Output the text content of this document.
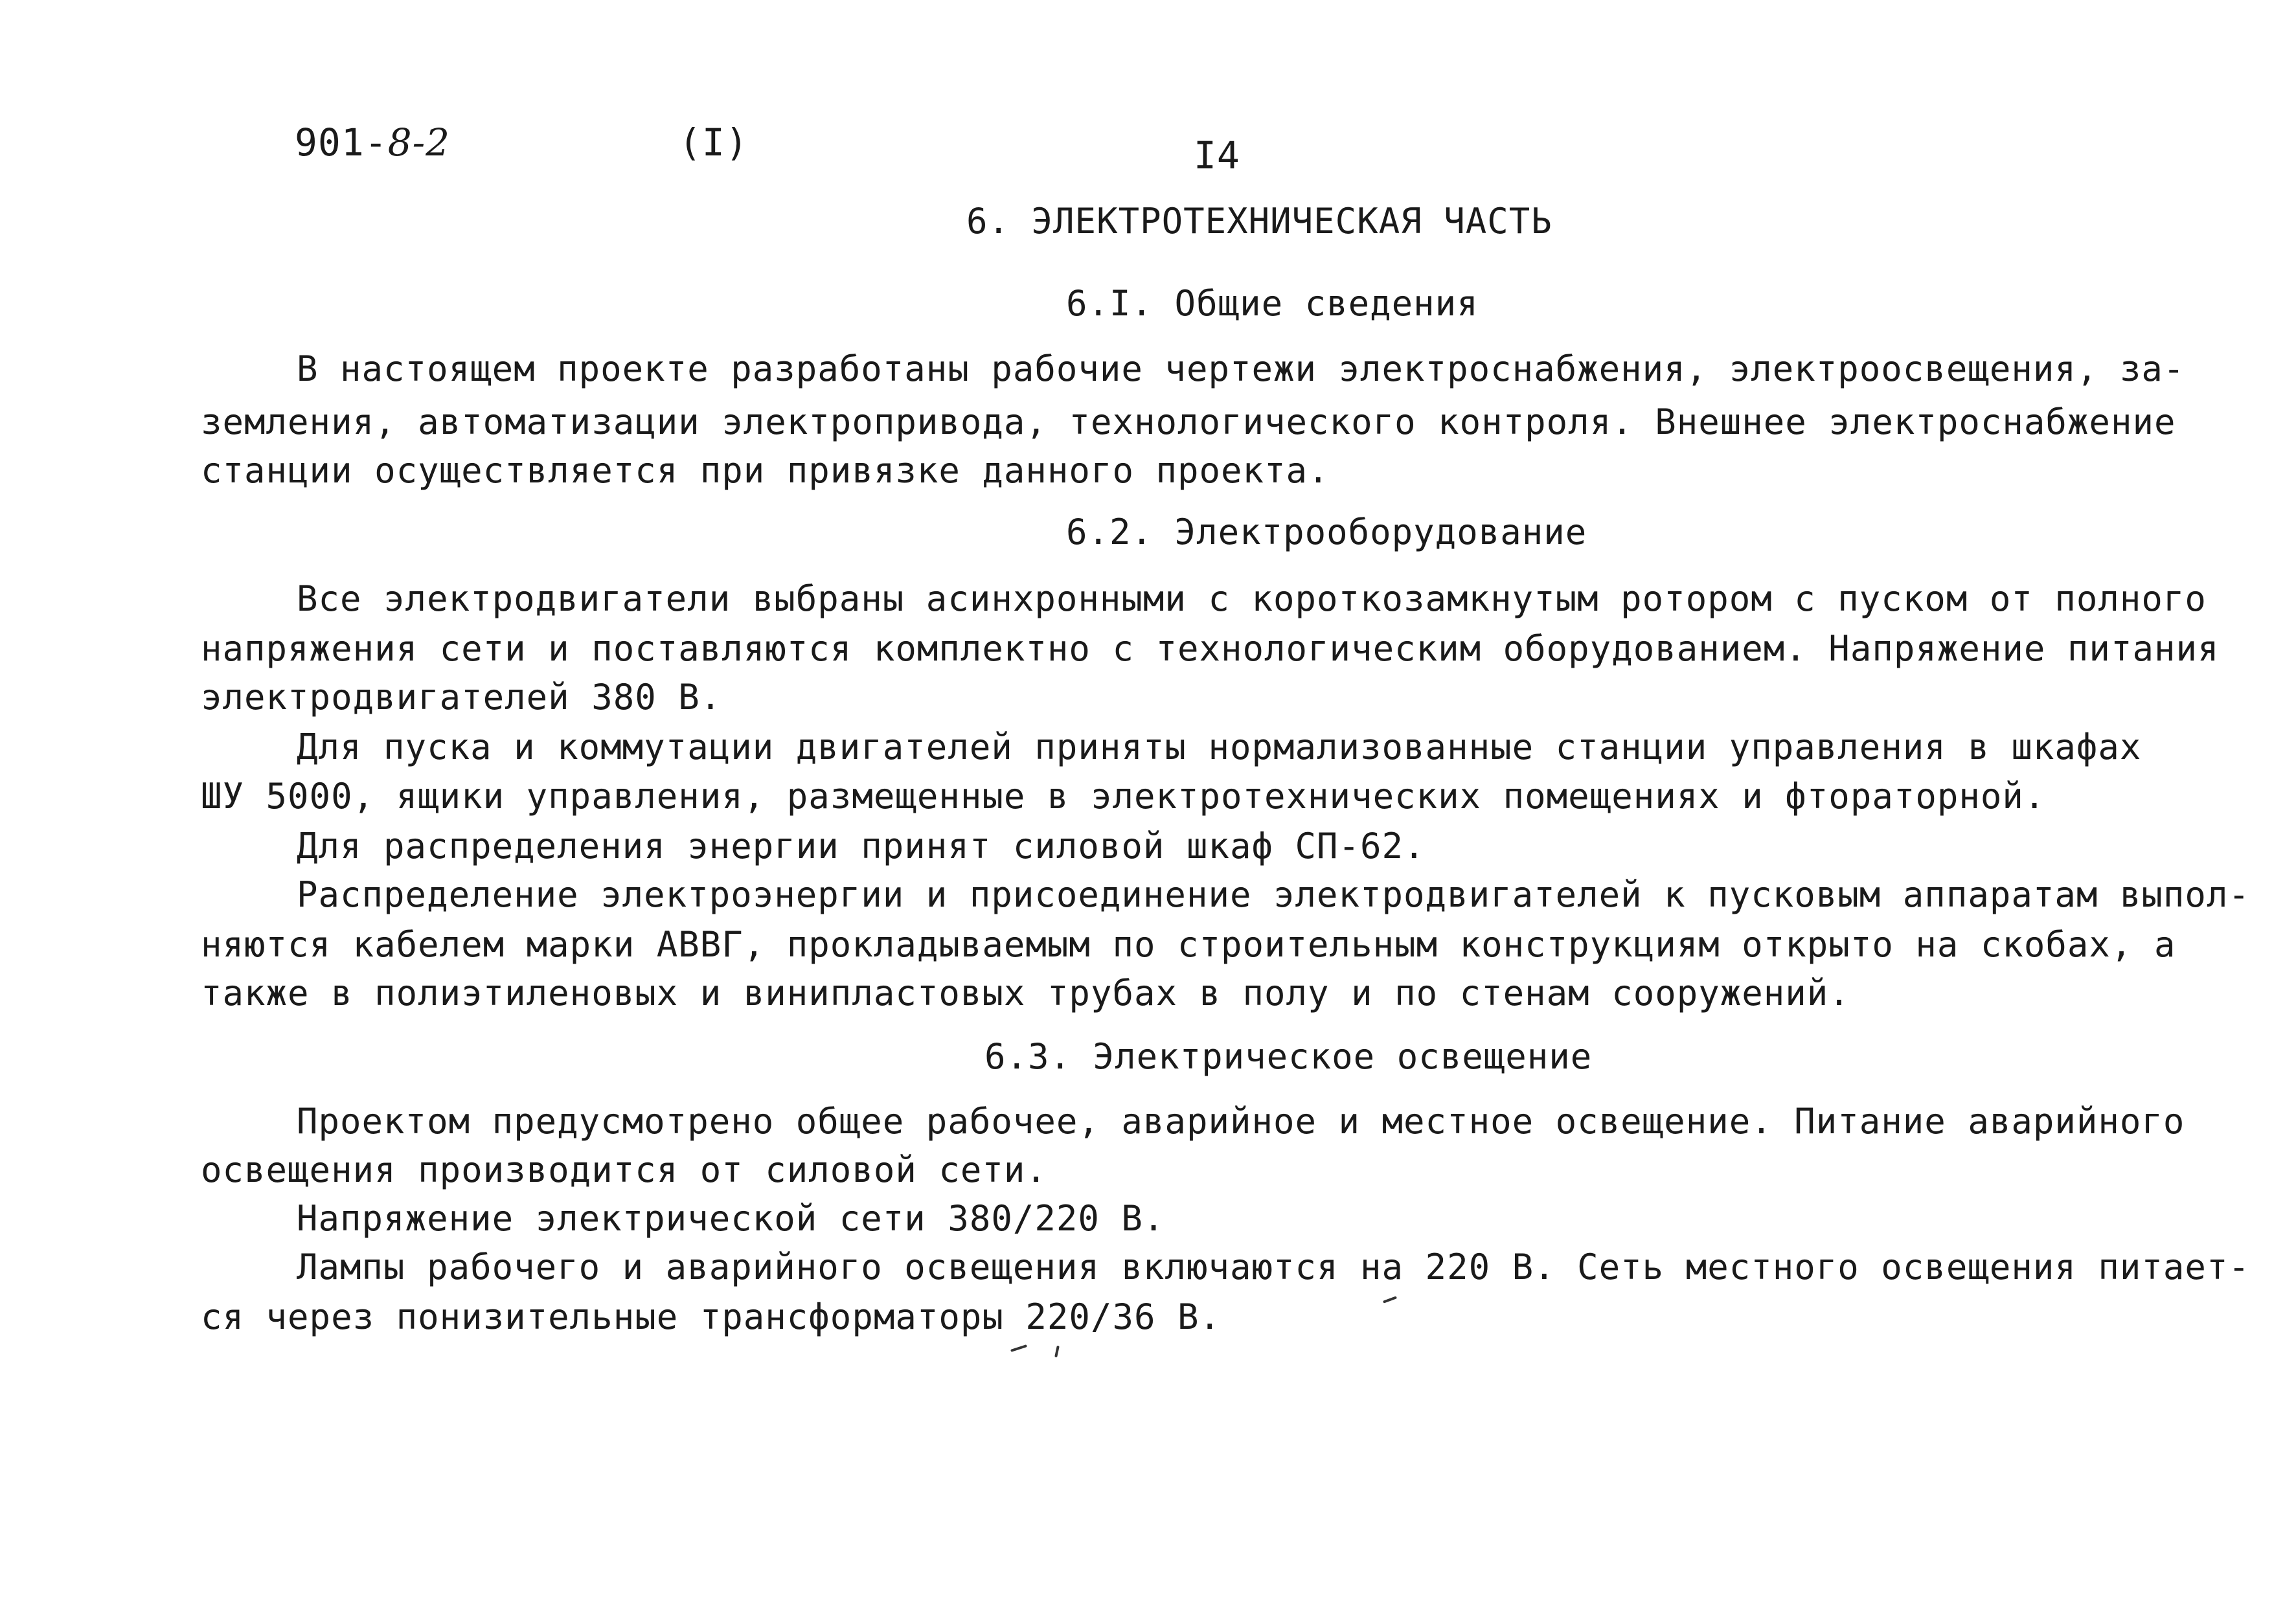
901-8-2	(I)	I4
6. ЭЛЕКТРОТЕХНИЧЕСКАЯ ЧАСТЬ
6.I. Общие сведения
В настоящем проекте разработаны рабочие чертежи электроснабжения, электроосвещения, за-
земления, автоматизации электропривода, технологического контроля. Внешнее электроснабжение
станции осуществляется при привязке данного проекта.
6.2. Электрооборудование
Все электродвигатели выбраны асинхронными с короткозамкнутым ротором с пуском от полного
напряжения сети и поставляются комплектно с технологическим оборудованием. Напряжение питания
электродвигателей 380 В.
Для пуска и коммутации двигателей приняты нормализованные станции управления в шкафах
ШУ 5000, ящики управления, размещенные в электротехнических помещениях и фтораторной.
Для распределения энергии принят силовой шкаф СП-62.
Распределение электроэнергии и присоединение электродвигателей к пусковым аппаратам выпол-
няются кабелем марки АВВГ, прокладываемым по строительным конструкциям открыто на скобах, а
также в полиэтиленовых и винипластовых трубах в полу и по стенам сооружений.
6.3. Электрическое освещение
Проектом предусмотрено общее рабочее, аварийное и местное освещение. Питание аварийного
освещения производится от силовой сети.
Напряжение электрической сети 380/220 В.
Лампы рабочего и аварийного освещения включаются на 220 В. Сеть местного освещения питает-
ся через понизительные трансформаторы 220/36 В.
